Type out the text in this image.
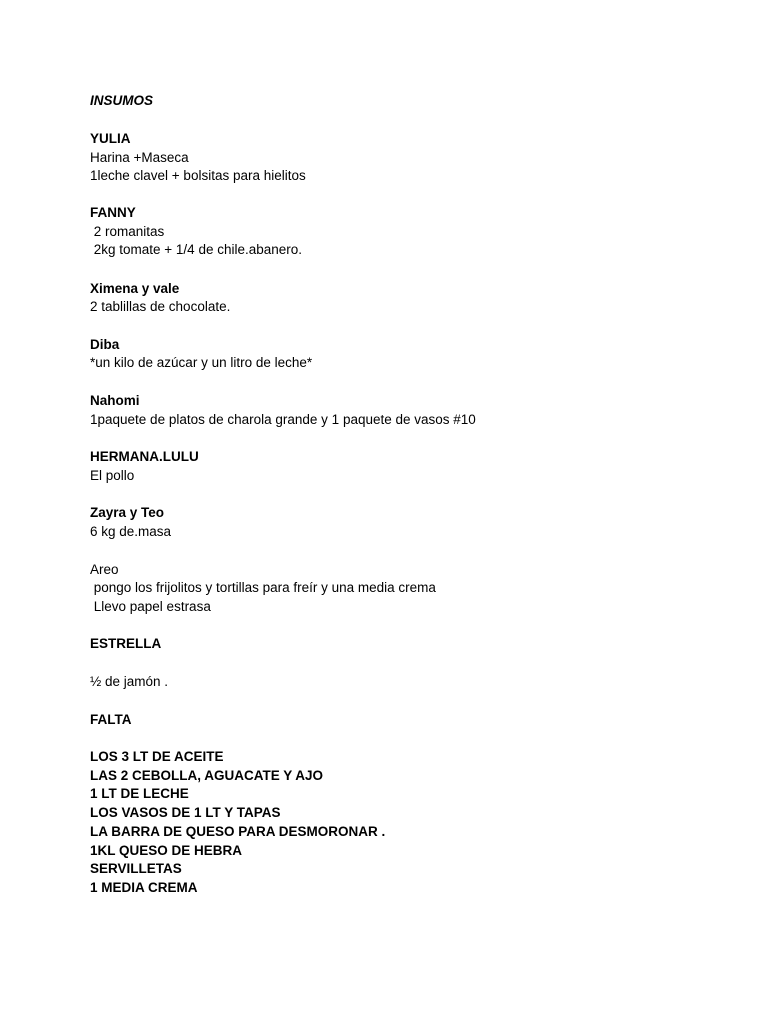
INSUMOS
YULIA
Harina +Maseca
1leche clavel + bolsitas para hielitos
FANNY
2 romanitas
2kg tomate + 1/4 de chile.abanero.
Ximena y vale
2 tablillas de chocolate.
Diba
*un kilo de azúcar y un litro de leche*
Nahomi
1paquete de platos de charola grande y 1 paquete de vasos #10
HERMANA.LULU
El pollo
Zayra y Teo
6 kg de.masa
Areo
pongo los frijolitos y tortillas para freír y una media crema
Llevo papel estrasa
ESTRELLA
½ de jamón .
FALTA
LOS 3 LT DE ACEITE
LAS 2 CEBOLLA, AGUACATE Y AJO
1 LT DE LECHE
LOS VASOS DE 1 LT Y TAPAS
LA BARRA DE QUESO PARA DESMORONAR .
1KL QUESO DE HEBRA
SERVILLETAS
1 MEDIA CREMA
